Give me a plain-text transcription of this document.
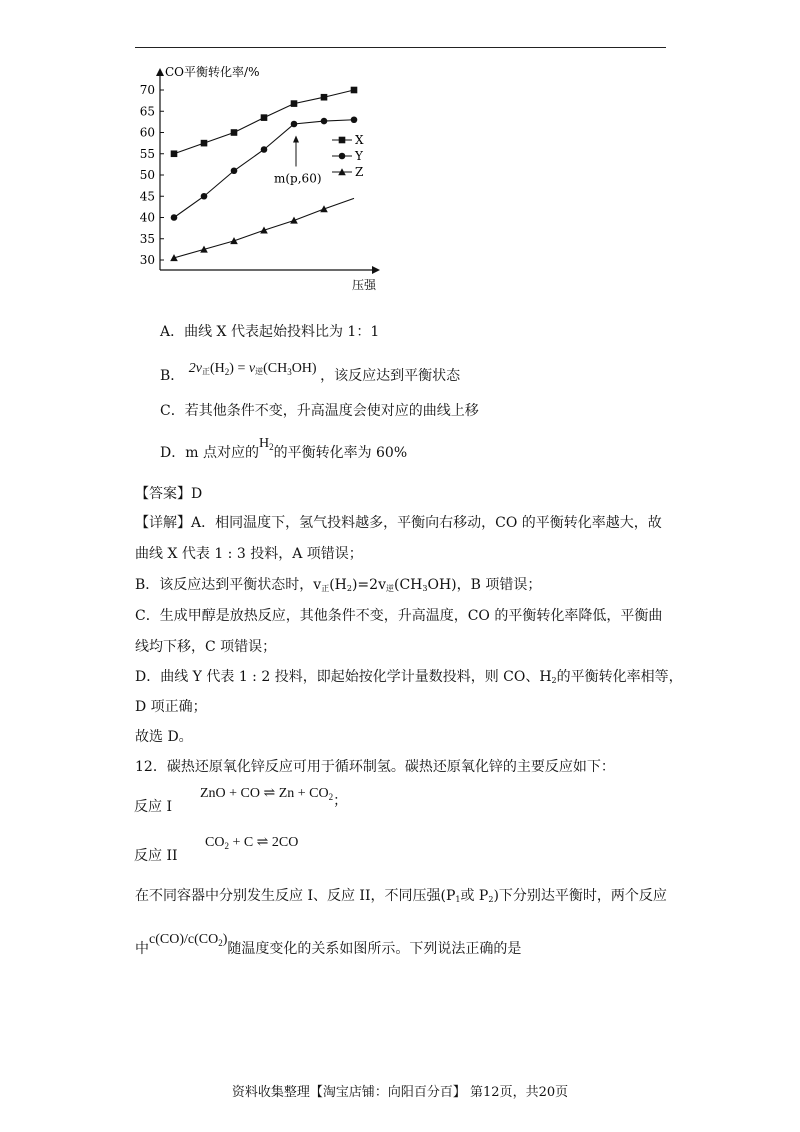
70
65
60
55
50
45
40
35
30
X
Y
Z
m(p,60)
CO平衡转化率/%
压强
A．曲线 X 代表起始投料比为 1：1
B． 2v正$(H_2) = v$逆$(CH_3OH)$ ，该反应达到平衡状态
C．若其他条件不变，升高温度会使对应的曲线上移
D．m 点对应的$H_2$的平衡转化率为 60%
【答案】D
【详解】A．相同温度下，氢气投料越多，平衡向右移动，CO 的平衡转化率越大，故
曲线 X 代表 1 : 3 投料，A 项错误；
B．该反应达到平衡状态时，v正(H2)=2v逆(CH3OH)，B 项错误；
C．生成甲醇是放热反应，其他条件不变，升高温度，CO 的平衡转化率降低，平衡曲
线均下移，C 项错误；
D．曲线 Y 代表 1 : 2 投料，即起始按化学计量数投料，则 CO、H2的平衡转化率相等，
D 项正确；
故选 D。
12．碳热还原氧化锌反应可用于循环制氢。碳热还原氧化锌的主要反应如下：
反应 I
ZnO + CO ⇌ $Zn + CO_2$；
反应 II
$CO_2 + C$ ⇌ 2CO
在不同容器中分别发生反应 I、反应 II，不同压强(P1或 P2)下分别达平衡时，两个反应
中$c(CO)/c(CO_2)$随温度变化的关系如图所示。下列说法正确的是
资料收集整理【淘宝店铺：向阳百分百】 第12页，共20页
